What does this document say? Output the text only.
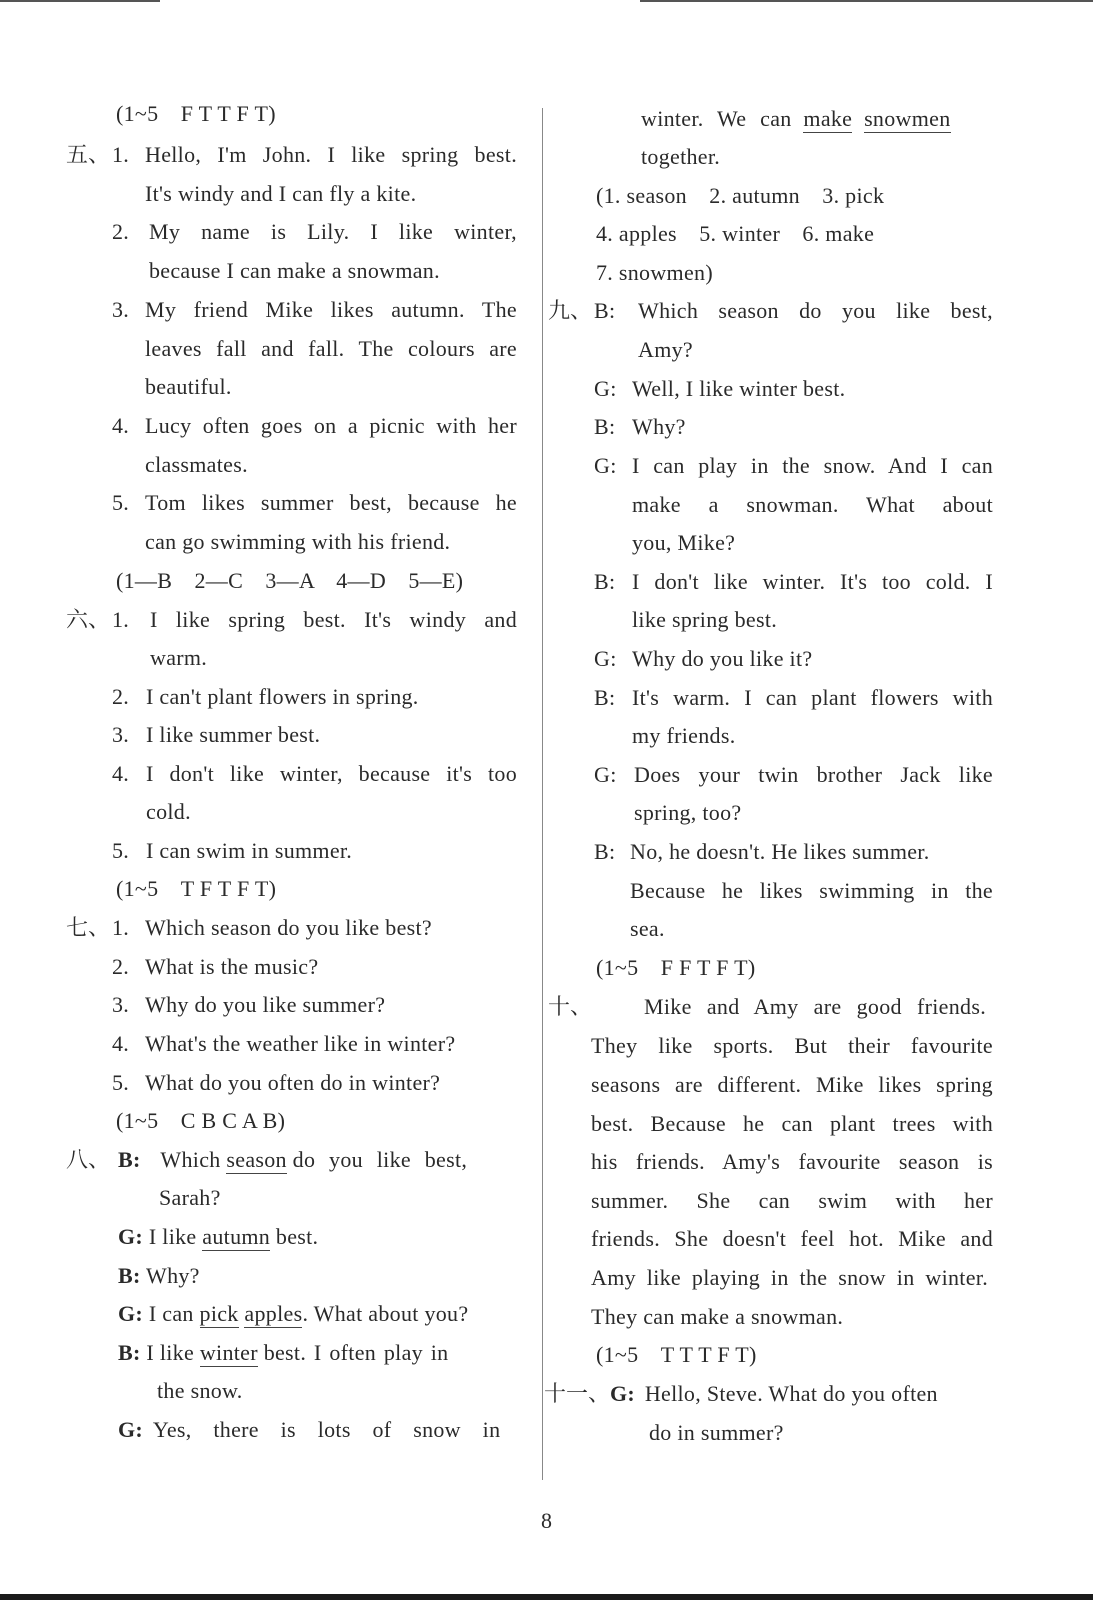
(1~5　F T T F T)
五、 1. Hello, I'm John. I like spring best.
It's windy and I can fly a kite.
2. My name is Lily. I like winter,
because I can make a snowman.
3. My friend Mike likes autumn. The
leaves fall and fall. The colours are
beautiful.
4. Lucy often goes on a picnic with her
classmates.
5. Tom likes summer best, because he
can go swimming with his friend.
(1—B　2—C　3—A　4—D　5—E)
六、 1. I like spring best. It's windy and
warm.
2. I can't plant flowers in spring.
3. I like summer best.
4. I don't like winter, because it's too
cold.
5. I can swim in summer.
(1~5　T F T F T)
七、 1. Which season do you like best?
2. What is the music?
3. Why do you like summer?
4. What's the weather like in winter?
5. What do you often do in winter?
(1~5　C B C A B)
八、 B: Which season do you like best,
Sarah?
G: I like autumn best.
B: Why?
G: I can pick apples. What about you?
B: I like winter best. I often play in
the snow.
G: Yes, there is lots of snow in
winter. We can make snowmen
together.
(1. season　2. autumn　3. pick
4. apples　5. winter　6. make
7. snowmen)
九、 B: Which season do you like best,
Amy?
G: Well, I like winter best.
B: Why?
G: I can play in the snow. And I can
make a snowman. What about
you, Mike?
B: I don't like winter. It's too cold. I
like spring best.
G: Why do you like it?
B: It's warm. I can plant flowers with
my friends.
G: Does your twin brother Jack like
spring, too?
B: No, he doesn't. He likes summer.
Because he likes swimming in the
sea.
(1~5　F F T F T)
十、 Mike and Amy are good friends.
They like sports. But their favourite
seasons are different. Mike likes spring
best. Because he can plant trees with
his friends. Amy's favourite season is
summer. She can swim with her
friends. She doesn't feel hot. Mike and
Amy like playing in the snow in winter.
They can make a snowman.
(1~5　T T T F T)
十一、 G: Hello, Steve. What do you often
do in summer?
8
